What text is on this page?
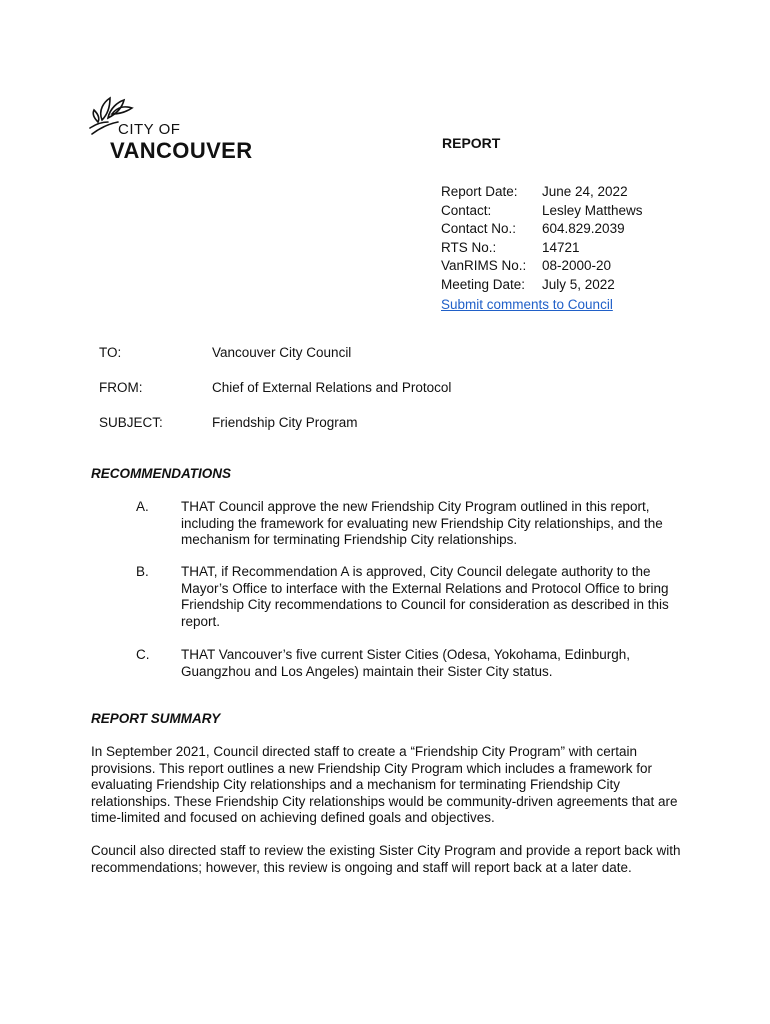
CITY OF
VANCOUVER	REPORT
Report Date: June 24, 2022
Contact:	Lesley Matthews
Contact No.: 604.829.2039
RTS No.:	14721
VanRIMS No.: 08-2000-20
Meeting Date: July 5, 2022
Submit comments to Council
TO:	Vancouver City Council
FROM:	Chief of External Relations and Protocol
SUBJECT:	Friendship City Program
RECOMMENDATIONS
A. THAT Council approve the new Friendship City Program outlined in this report, including the framework for evaluating new Friendship City relationships, and the mechanism for terminating Friendship City relationships.
B. THAT, if Recommendation A is approved, City Council delegate authority to the Mayor’s Office to interface with the External Relations and Protocol Office to bring Friendship City recommendations to Council for consideration as described in this report.
C. THAT Vancouver’s five current Sister Cities (Odesa, Yokohama, Edinburgh, Guangzhou and Los Angeles) maintain their Sister City status.
REPORT SUMMARY
In September 2021, Council directed staff to create a “Friendship City Program” with certain provisions. This report outlines a new Friendship City Program which includes a framework for evaluating Friendship City relationships and a mechanism for terminating Friendship City relationships. These Friendship City relationships would be community-driven agreements that are time-limited and focused on achieving defined goals and objectives.
Council also directed staff to review the existing Sister City Program and provide a report back with recommendations; however, this review is ongoing and staff will report back at a later date.
